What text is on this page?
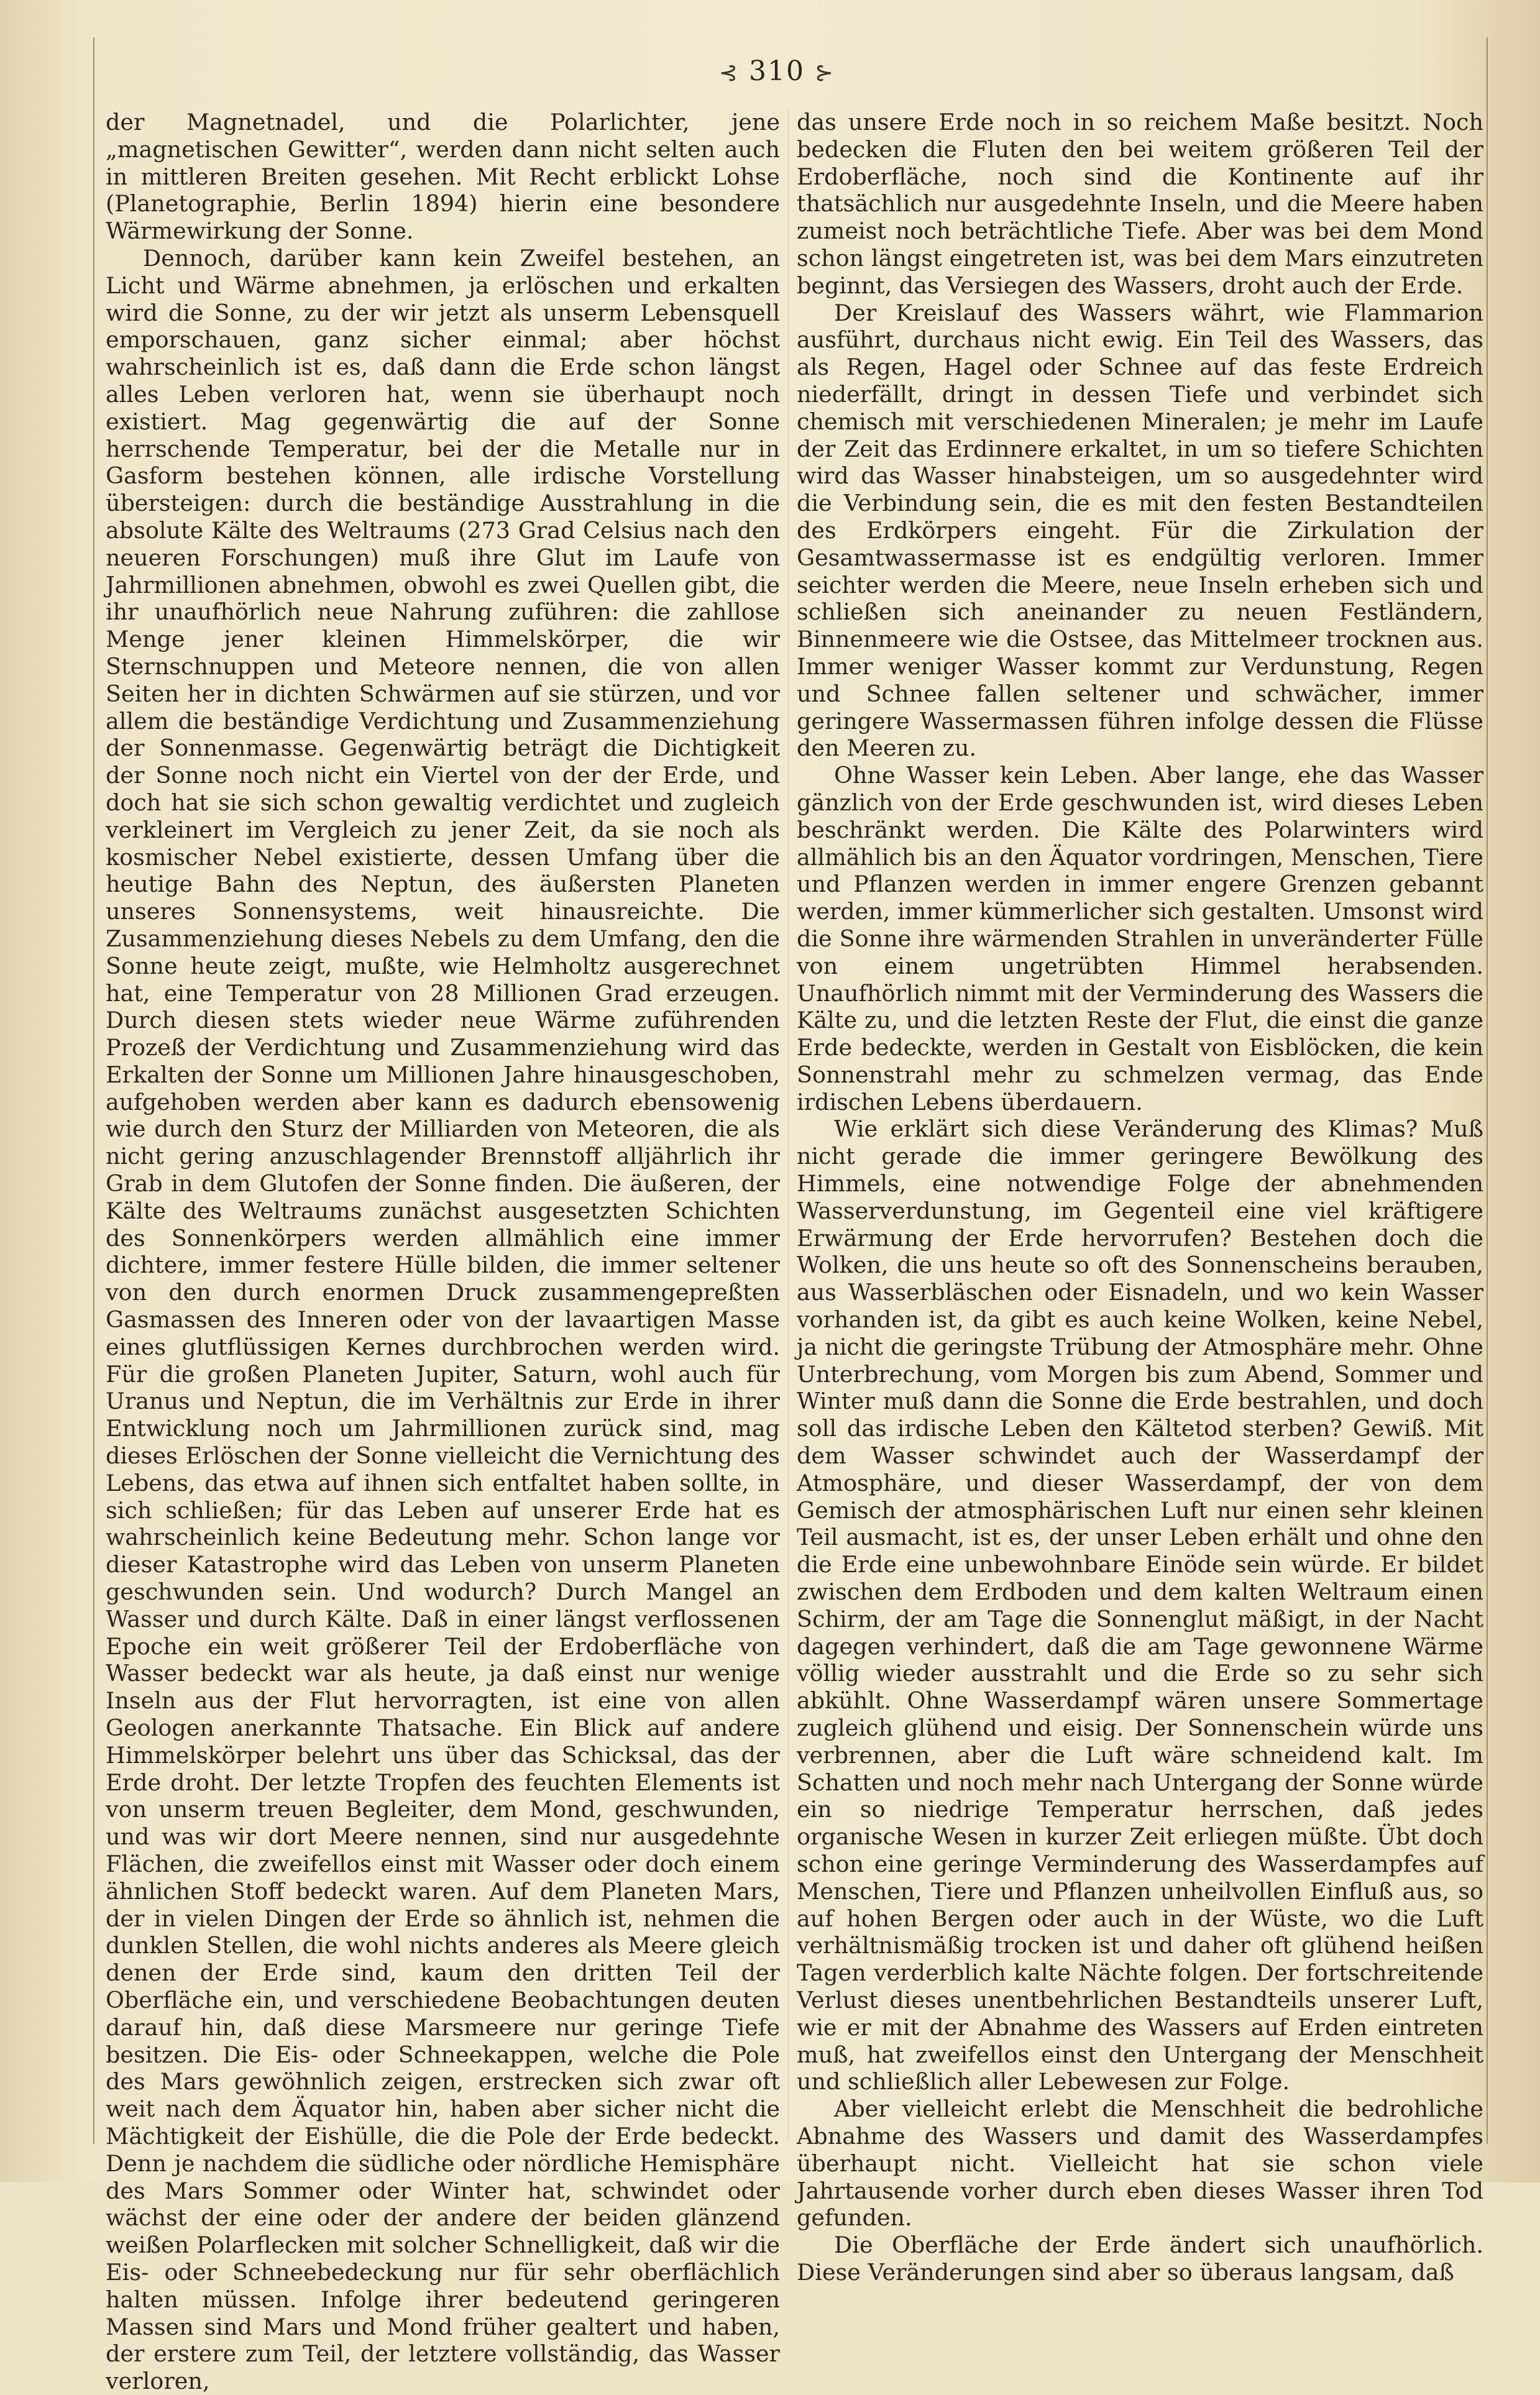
⊰ 310 ⊱

der Magnetnadel, und die Polarlichter, jene „magnetischen Gewitter“, werden dann nicht selten auch in mittleren Breiten gesehen. Mit Recht erblickt Lohse (Planetographie, Berlin 1894) hierin eine besondere Wärmewirkung der Sonne.

Dennoch, darüber kann kein Zweifel bestehen, an Licht und Wärme abnehmen, ja erlöschen und erkalten wird die Sonne, zu der wir jetzt als unserm Lebensquell emporschauen, ganz sicher einmal; aber höchst wahrscheinlich ist es, daß dann die Erde schon längst alles Leben verloren hat, wenn sie überhaupt noch existiert. Mag gegenwärtig die auf der Sonne herrschende Temperatur, bei der die Metalle nur in Gasform bestehen können, alle irdische Vorstellung übersteigen: durch die beständige Ausstrahlung in die absolute Kälte des Weltraums (273 Grad Celsius nach den neueren Forschungen) muß ihre Glut im Laufe von Jahrmillionen abnehmen, obwohl es zwei Quellen gibt, die ihr unaufhörlich neue Nahrung zuführen: die zahllose Menge jener kleinen Himmelskörper, die wir Sternschnuppen und Meteore nennen, die von allen Seiten her in dichten Schwärmen auf sie stürzen, und vor allem die beständige Verdichtung und Zusammenziehung der Sonnenmasse. Gegenwärtig beträgt die Dichtigkeit der Sonne noch nicht ein Viertel von der der Erde, und doch hat sie sich schon gewaltig verdichtet und zugleich verkleinert im Vergleich zu jener Zeit, da sie noch als kosmischer Nebel existierte, dessen Umfang über die heutige Bahn des Neptun, des äußersten Planeten unseres Sonnensystems, weit hinausreichte. Die Zusammenziehung dieses Nebels zu dem Umfang, den die Sonne heute zeigt, mußte, wie Helmholtz ausgerechnet hat, eine Temperatur von 28 Millionen Grad erzeugen. Durch diesen stets wieder neue Wärme zuführenden Prozeß der Verdichtung und Zusammenziehung wird das Erkalten der Sonne um Millionen Jahre hinausgeschoben, aufgehoben werden aber kann es dadurch ebensowenig wie durch den Sturz der Milliarden von Meteoren, die als nicht gering anzuschlagender Brennstoff alljährlich ihr Grab in dem Glutofen der Sonne finden. Die äußeren, der Kälte des Weltraums zunächst ausgesetzten Schichten des Sonnenkörpers werden allmählich eine immer dichtere, immer festere Hülle bilden, die immer seltener von den durch enormen Druck zusammengepreßten Gasmassen des Inneren oder von der lavaartigen Masse eines glutflüssigen Kernes durchbrochen werden wird. Für die großen Planeten Jupiter, Saturn, wohl auch für Uranus und Neptun, die im Verhältnis zur Erde in ihrer Entwicklung noch um Jahrmillionen zurück sind, mag dieses Erlöschen der Sonne vielleicht die Vernichtung des Lebens, das etwa auf ihnen sich entfaltet haben sollte, in sich schließen; für das Leben auf unserer Erde hat es wahrscheinlich keine Bedeutung mehr. Schon lange vor dieser Katastrophe wird das Leben von unserm Planeten geschwunden sein. Und wodurch? Durch Mangel an Wasser und durch Kälte. Daß in einer längst verflossenen Epoche ein weit größerer Teil der Erdoberfläche von Wasser bedeckt war als heute, ja daß einst nur wenige Inseln aus der Flut hervorragten, ist eine von allen Geologen anerkannte Thatsache. Ein Blick auf andere Himmelskörper belehrt uns über das Schicksal, das der Erde droht. Der letzte Tropfen des feuchten Elements ist von unserm treuen Begleiter, dem Mond, geschwunden, und was wir dort Meere nennen, sind nur ausgedehnte Flächen, die zweifellos einst mit Wasser oder doch einem ähnlichen Stoff bedeckt waren. Auf dem Planeten Mars, der in vielen Dingen der Erde so ähnlich ist, nehmen die dunklen Stellen, die wohl nichts anderes als Meere gleich denen der Erde sind, kaum den dritten Teil der Oberfläche ein, und verschiedene Beobachtungen deuten darauf hin, daß diese Marsmeere nur geringe Tiefe besitzen. Die Eis- oder Schneekappen, welche die Pole des Mars gewöhnlich zeigen, erstrecken sich zwar oft weit nach dem Äquator hin, haben aber sicher nicht die Mächtigkeit der Eishülle, die die Pole der Erde bedeckt. Denn je nachdem die südliche oder nördliche Hemisphäre des Mars Sommer oder Winter hat, schwindet oder wächst der eine oder der andere der beiden glänzend weißen Polarflecken mit solcher Schnelligkeit, daß wir die Eis- oder Schneebedeckung nur für sehr oberflächlich halten müssen. Infolge ihrer bedeutend geringeren Massen sind Mars und Mond früher gealtert und haben, der erstere zum Teil, der letztere vollständig, das Wasser verloren,

das unsere Erde noch in so reichem Maße besitzt. Noch bedecken die Fluten den bei weitem größeren Teil der Erdoberfläche, noch sind die Kontinente auf ihr thatsächlich nur ausgedehnte Inseln, und die Meere haben zumeist noch beträchtliche Tiefe. Aber was bei dem Mond schon längst eingetreten ist, was bei dem Mars einzutreten beginnt, das Versiegen des Wassers, droht auch der Erde.

Der Kreislauf des Wassers währt, wie Flammarion ausführt, durchaus nicht ewig. Ein Teil des Wassers, das als Regen, Hagel oder Schnee auf das feste Erdreich niederfällt, dringt in dessen Tiefe und verbindet sich chemisch mit verschiedenen Mineralen; je mehr im Laufe der Zeit das Erdinnere erkaltet, in um so tiefere Schichten wird das Wasser hinabsteigen, um so ausgedehnter wird die Verbindung sein, die es mit den festen Bestandteilen des Erdkörpers eingeht. Für die Zirkulation der Gesamtwassermasse ist es endgültig verloren. Immer seichter werden die Meere, neue Inseln erheben sich und schließen sich aneinander zu neuen Festländern, Binnenmeere wie die Ostsee, das Mittelmeer trocknen aus. Immer weniger Wasser kommt zur Verdunstung, Regen und Schnee fallen seltener und schwächer, immer geringere Wassermassen führen infolge dessen die Flüsse den Meeren zu.

Ohne Wasser kein Leben. Aber lange, ehe das Wasser gänzlich von der Erde geschwunden ist, wird dieses Leben beschränkt werden. Die Kälte des Polarwinters wird allmählich bis an den Äquator vordringen, Menschen, Tiere und Pflanzen werden in immer engere Grenzen gebannt werden, immer kümmerlicher sich gestalten. Umsonst wird die Sonne ihre wärmenden Strahlen in unveränderter Fülle von einem ungetrübten Himmel herabsenden. Unaufhörlich nimmt mit der Verminderung des Wassers die Kälte zu, und die letzten Reste der Flut, die einst die ganze Erde bedeckte, werden in Gestalt von Eisblöcken, die kein Sonnenstrahl mehr zu schmelzen vermag, das Ende irdischen Lebens überdauern.

Wie erklärt sich diese Veränderung des Klimas? Muß nicht gerade die immer geringere Bewölkung des Himmels, eine notwendige Folge der abnehmenden Wasserverdunstung, im Gegenteil eine viel kräftigere Erwärmung der Erde hervorrufen? Bestehen doch die Wolken, die uns heute so oft des Sonnenscheins berauben, aus Wasserbläschen oder Eisnadeln, und wo kein Wasser vorhanden ist, da gibt es auch keine Wolken, keine Nebel, ja nicht die geringste Trübung der Atmosphäre mehr. Ohne Unterbrechung, vom Morgen bis zum Abend, Sommer und Winter muß dann die Sonne die Erde bestrahlen, und doch soll das irdische Leben den Kältetod sterben? Gewiß. Mit dem Wasser schwindet auch der Wasserdampf der Atmosphäre, und dieser Wasserdampf, der von dem Gemisch der atmosphärischen Luft nur einen sehr kleinen Teil ausmacht, ist es, der unser Leben erhält und ohne den die Erde eine unbewohnbare Einöde sein würde. Er bildet zwischen dem Erdboden und dem kalten Weltraum einen Schirm, der am Tage die Sonnenglut mäßigt, in der Nacht dagegen verhindert, daß die am Tage gewonnene Wärme völlig wieder ausstrahlt und die Erde so zu sehr sich abkühlt. Ohne Wasserdampf wären unsere Sommertage zugleich glühend und eisig. Der Sonnenschein würde uns verbrennen, aber die Luft wäre schneidend kalt. Im Schatten und noch mehr nach Untergang der Sonne würde ein so niedrige Temperatur herrschen, daß jedes organische Wesen in kurzer Zeit erliegen müßte. Übt doch schon eine geringe Verminderung des Wasserdampfes auf Menschen, Tiere und Pflanzen unheilvollen Einfluß aus, so auf hohen Bergen oder auch in der Wüste, wo die Luft verhältnismäßig trocken ist und daher oft glühend heißen Tagen verderblich kalte Nächte folgen. Der fortschreitende Verlust dieses unentbehrlichen Bestandteils unserer Luft, wie er mit der Abnahme des Wassers auf Erden eintreten muß, hat zweifellos einst den Untergang der Menschheit und schließlich aller Lebewesen zur Folge.

Aber vielleicht erlebt die Menschheit die bedrohliche Abnahme des Wassers und damit des Wasserdampfes überhaupt nicht. Vielleicht hat sie schon viele Jahrtausende vorher durch eben dieses Wasser ihren Tod gefunden.

Die Oberfläche der Erde ändert sich unaufhörlich. Diese Veränderungen sind aber so überaus langsam, daß
